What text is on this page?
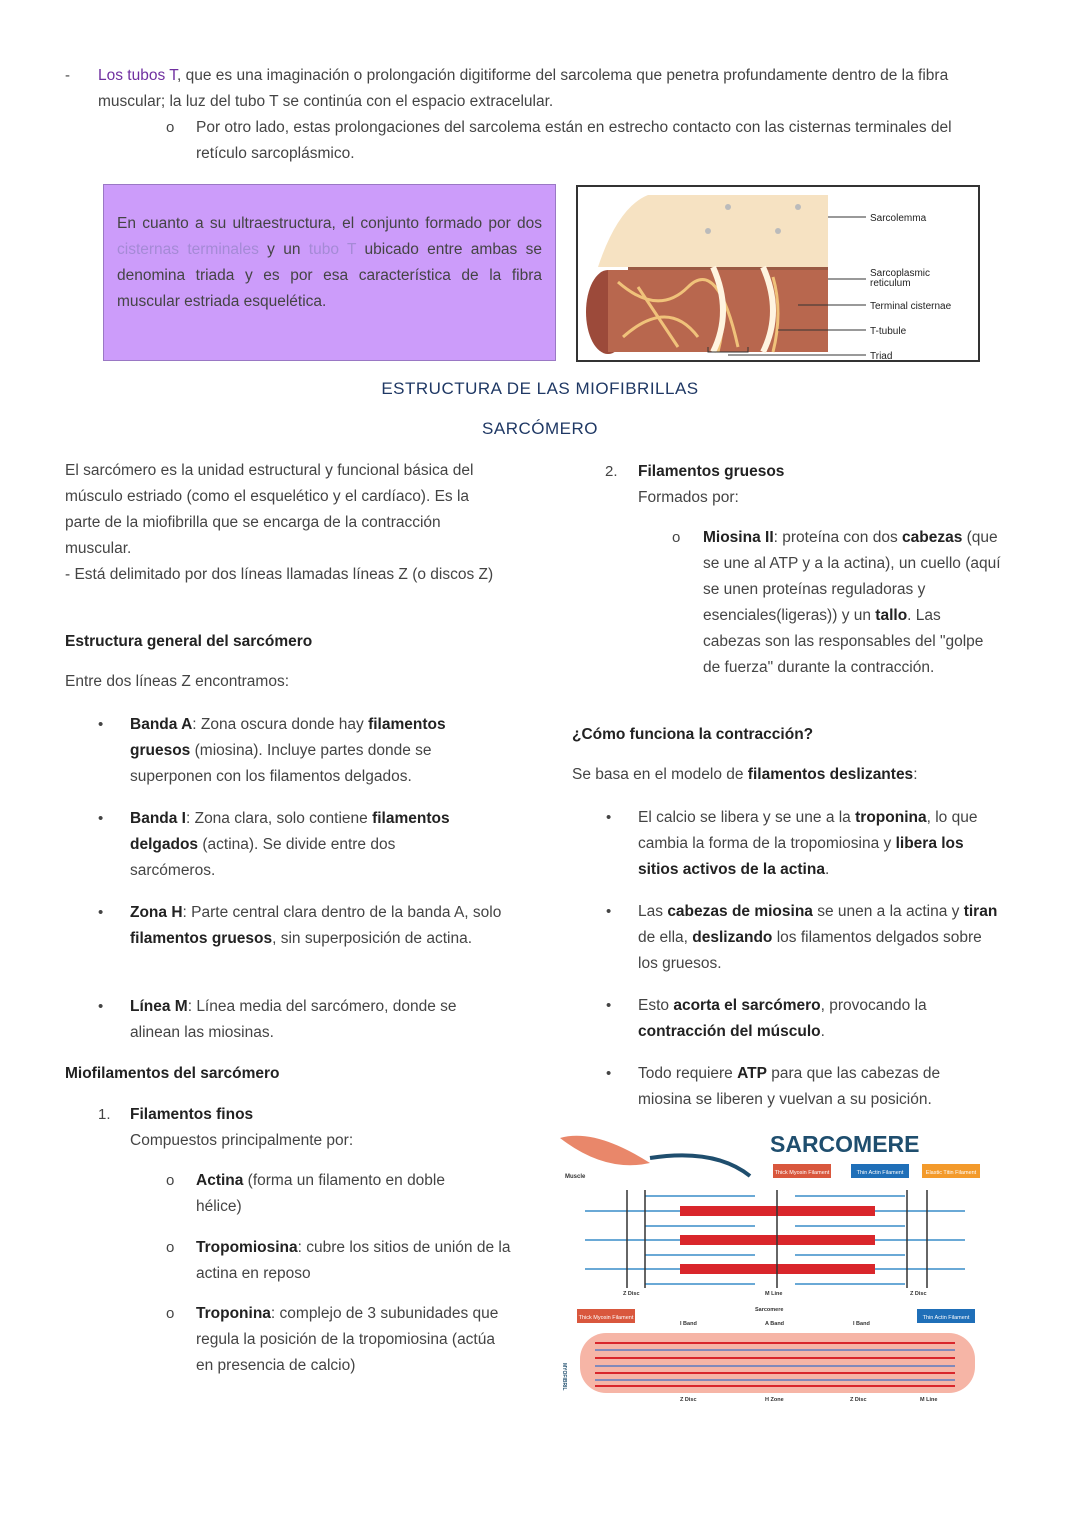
- Los tubos T, que es una imaginación o prolongación digitiforme del sarcolema que penetra profundamente dentro de la fibra muscular; la luz del tubo T se continúa con el espacio extracelular.
o Por otro lado, estas prolongaciones del sarcolema están en estrecho contacto con las cisternas terminales del retículo sarcoplásmico.
En cuanto a su ultraestructura, el conjunto formado por dos cisternas terminales y un tubo T ubicado entre ambas se denomina triada y es por esa característica de la fibra muscular estriada esquelética.
Sarcolemma
Sarcoplasmic
reticulum
Terminal cisternae
T-tubule
Triad
ESTRUCTURA DE LAS MIOFIBRILLAS
SARCÓMERO
El sarcómero es la unidad estructural y funcional básica del músculo estriado (como el esquelético y el cardíaco). Es la parte de la miofibrilla que se encarga de la contracción muscular.
- Está delimitado por dos líneas llamadas líneas Z (o discos Z)
Estructura general del sarcómero
Entre dos líneas Z encontramos:
• Banda A: Zona oscura donde hay filamentos gruesos (miosina). Incluye partes donde se superponen con los filamentos delgados.
• Banda I: Zona clara, solo contiene filamentos delgados (actina). Se divide entre dos sarcómeros.
• Zona H: Parte central clara dentro de la banda A, solo filamentos gruesos, sin superposición de actina.
• Línea M: Línea media del sarcómero, donde se alinean las miosinas.
Miofilamentos del sarcómero
1. Filamentos finos
Compuestos principalmente por:
o Actina (forma un filamento en doble hélice)
o Tropomiosina: cubre los sitios de unión de la actina en reposo
o Troponina: complejo de 3 subunidades que regula la posición de la tropomiosina (actúa en presencia de calcio)
2. Filamentos gruesos
Formados por:
o Miosina II: proteína con dos cabezas (que se une al ATP y a la actina), un cuello (aquí se unen proteínas reguladoras y esenciales(ligeras)) y un tallo. Las cabezas son las responsables del "golpe de fuerza" durante la contracción.
¿Cómo funciona la contracción?
Se basa en el modelo de filamentos deslizantes:
• El calcio se libera y se une a la troponina, lo que cambia la forma de la tropomiosina y libera los sitios activos de la actina.
• Las cabezas de miosina se unen a la actina y tiran de ella, deslizando los filamentos delgados sobre los gruesos.
• Esto acorta el sarcómero, provocando la contracción del músculo.
• Todo requiere ATP para que las cabezas de miosina se liberen y vuelvan a su posición.
SARCOMERE
Muscle
Thick Myosin Filament	Thin Actin Filament	Elastic Titin Filament
Z Disc	M Line	Z Disc
Sarcomere
I Band	A Band	I Band
Z Disc	H Zone	Z Disc	M Line
Thick Myosin Filament	Thin Actin Filament
MYOFIBRIL
